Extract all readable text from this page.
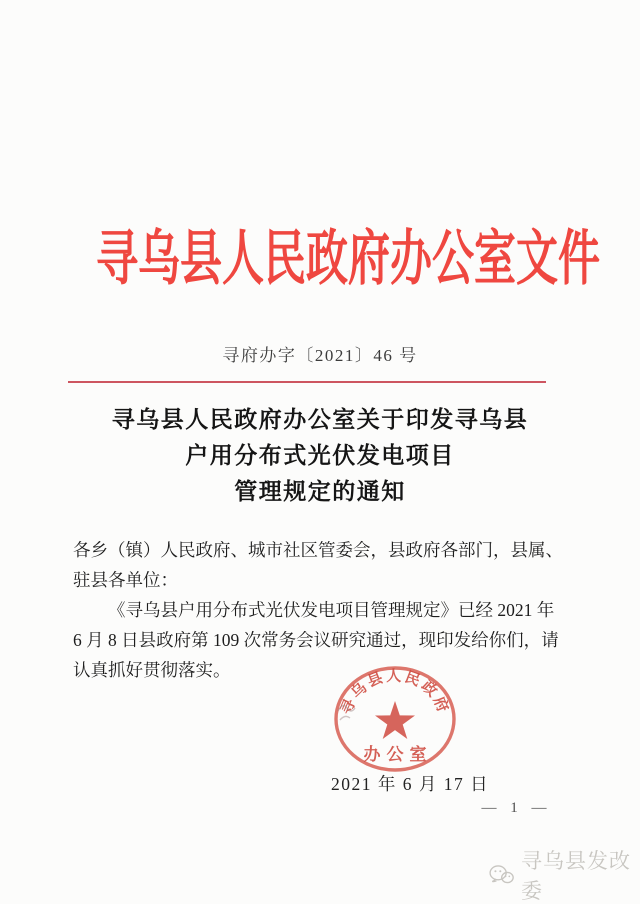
寻乌县人民政府办公室文件
寻府办字〔2021〕46 号
寻乌县人民政府办公室关于印发寻乌县
户用分布式光伏发电项目
管理规定的通知
各乡（镇）人民政府、城市社区管委会，县政府各部门，县属、
驻县各单位：
《寻乌县户用分布式光伏发电项目管理规定》已经 2021 年
6 月 8 日县政府第 109 次常务会议研究通过，现印发给你们，请
认真抓好贯彻落实。
寻乌县人民政府
办公室
2021 年 6 月 17 日
— 1 —
寻乌县发改委
